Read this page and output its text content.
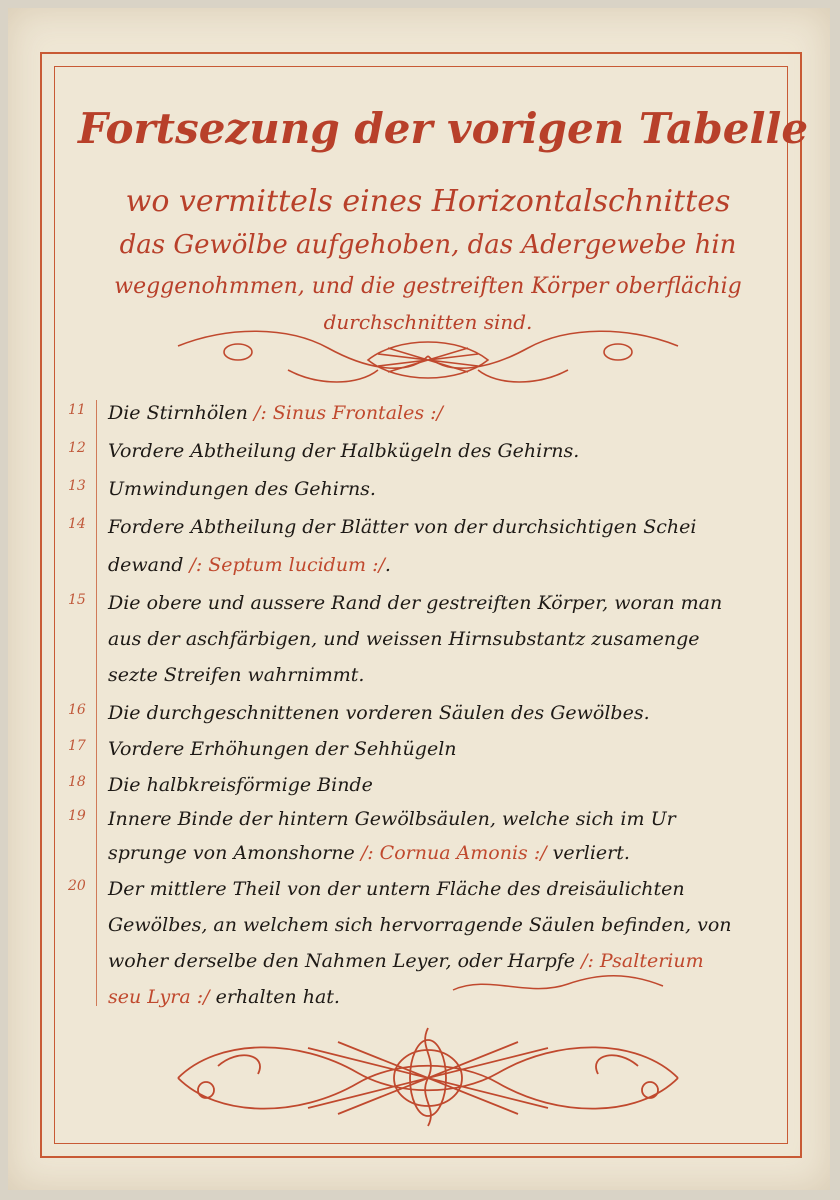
Fortsezung der vorigen Tabelle
wo vermittels eines Horizontalschnittes
das Gewölbe aufgehoben, das Adergewebe hin
weggenohmmen, und die gestreiften Körper oberflächig
durchschnitten sind.
11	Die Stirnhölen /: Sinus Frontales :/
12	Vordere Abtheilung der Halbkügeln des Gehirns.
13	Umwindungen des Gehirns.
14	Fordere Abtheilung der Blätter von der durchsichtigen Schei
dewand /: Septum lucidum :/.
15	Die obere und aussere Rand der gestreiften Körper, woran man
aus der aschfärbigen, und weissen Hirnsubstantz zusamenge
sezte Streifen wahrnimmt.
16	Die durchgeschnittenen vorderen Säulen des Gewölbes.
17	Vordere Erhöhungen der Sehhügeln
18	Die halbkreisförmige Binde
19	Innere Binde der hintern Gewölbsäulen, welche sich im Ur
sprunge von Amonshorne /: Cornua Amonis :/ verliert.
20	Der mittlere Theil von der untern Fläche des dreisäulichten
Gewölbes, an welchem sich hervorragende Säulen befinden, von
woher derselbe den Nahmen Leyer, oder Harpfe /: Psalterium
seu Lyra :/ erhalten hat.
